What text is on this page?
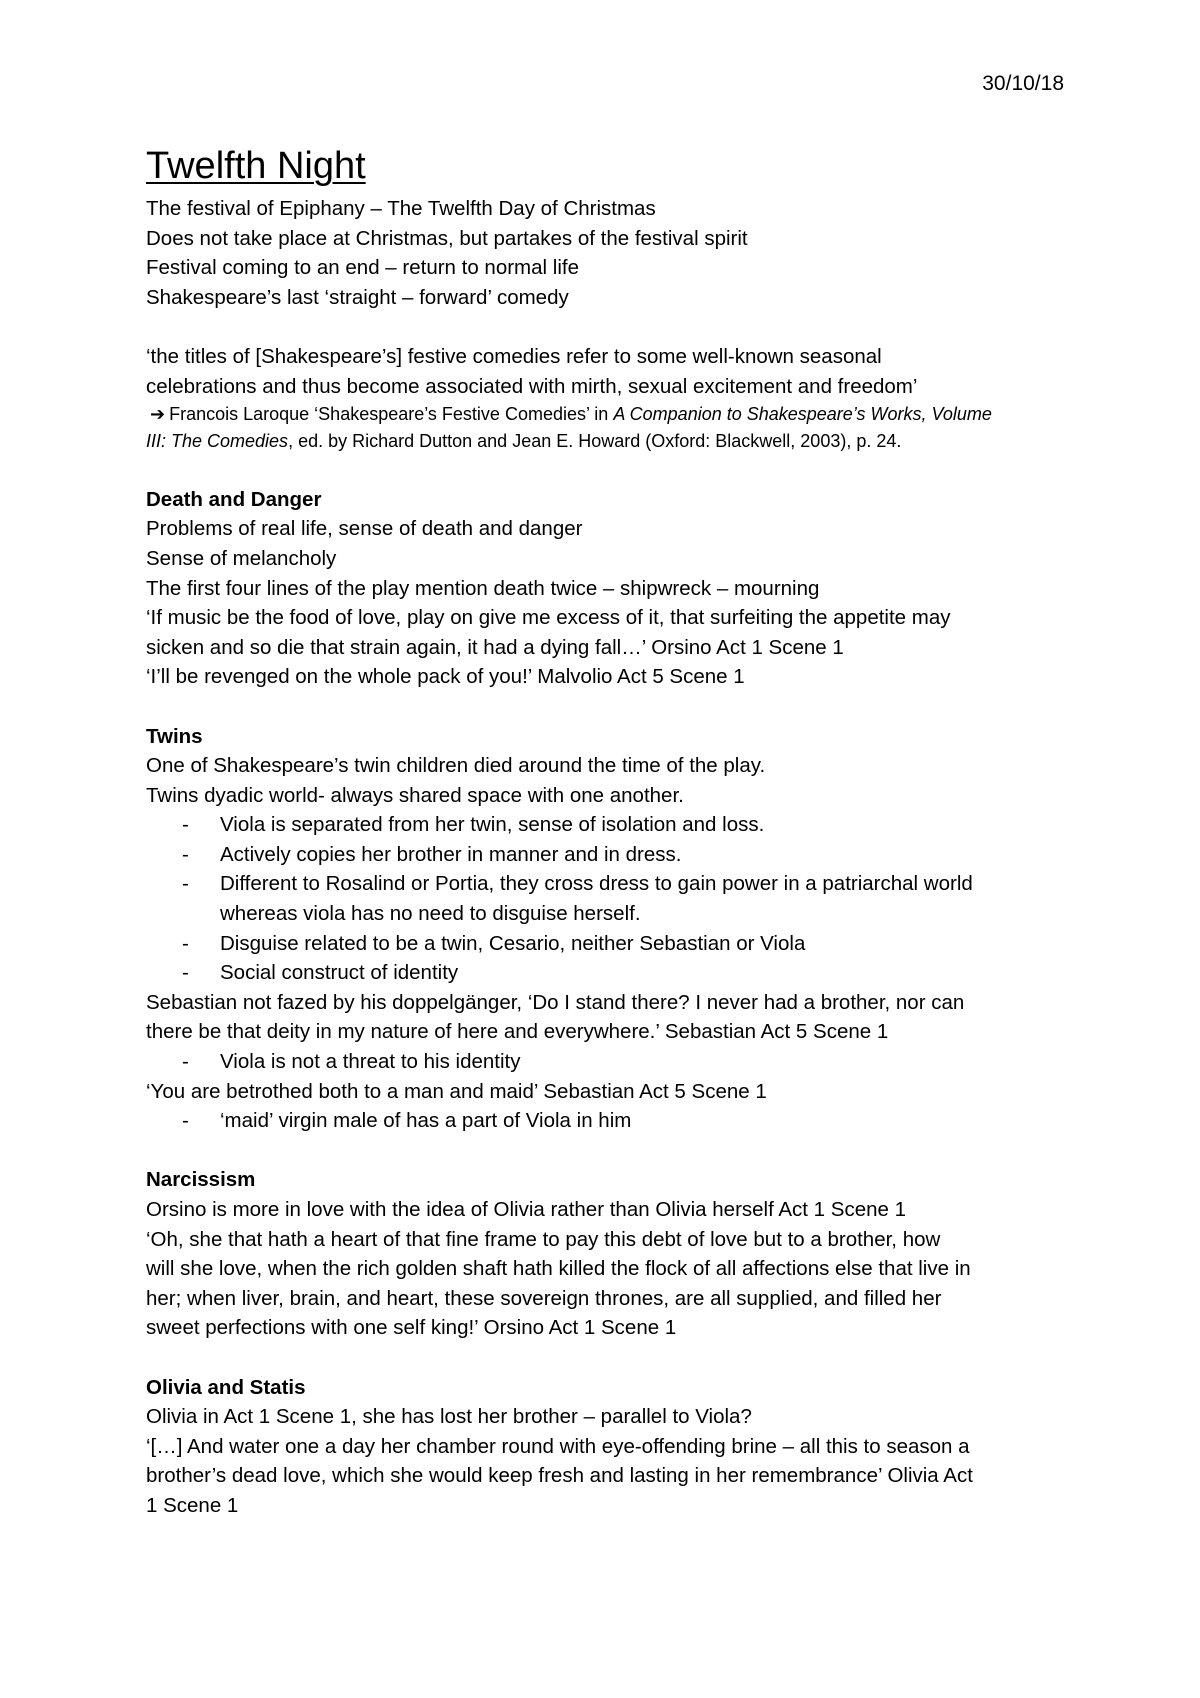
30/10/18
Twelfth Night

The festival of Epiphany – The Twelfth Day of Christmas

Does not take place at Christmas, but partakes of the festival spirit

Festival coming to an end – return to normal life

Shakespeare’s last ‘straight – forward’ comedy

‘the titles of [Shakespeare’s] festive comedies refer to some well-known seasonal

celebrations and thus become associated with mirth, sexual excitement and freedom’

➔ Francois Laroque ‘Shakespeare’s Festive Comedies’ in A Companion to Shakespeare’s Works, Volume

III: The Comedies, ed. by Richard Dutton and Jean E. Howard (Oxford: Blackwell, 2003), p. 24.

Death and Danger

Problems of real life, sense of death and danger

Sense of melancholy

The first four lines of the play mention death twice – shipwreck – mourning

‘If music be the food of love, play on give me excess of it, that surfeiting the appetite may

sicken and so die that strain again, it had a dying fall…’ Orsino Act 1 Scene 1

‘I’ll be revenged on the whole pack of you!’ Malvolio Act 5 Scene 1

Twins

One of Shakespeare’s twin children died around the time of the play.

Twins dyadic world- always shared space with one another.

- Viola is separated from her twin, sense of isolation and loss.
- Actively copies her brother in manner and in dress.
- Different to Rosalind or Portia, they cross dress to gain power in a patriarchal world
whereas viola has no need to disguise herself.
- Disguise related to be a twin, Cesario, neither Sebastian or Viola
- Social construct of identity

Sebastian not fazed by his doppelgänger, ‘Do I stand there? I never had a brother, nor can

there be that deity in my nature of here and everywhere.’ Sebastian Act 5 Scene 1

- Viola is not a threat to his identity

‘You are betrothed both to a man and maid’ Sebastian Act 5 Scene 1

- ‘maid’ virgin male of has a part of Viola in him

Narcissism

Orsino is more in love with the idea of Olivia rather than Olivia herself Act 1 Scene 1

‘Oh, she that hath a heart of that fine frame to pay this debt of love but to a brother, how

will she love, when the rich golden shaft hath killed the flock of all affections else that live in

her; when liver, brain, and heart, these sovereign thrones, are all supplied, and filled her

sweet perfections with one self king!’ Orsino Act 1 Scene 1

Olivia and Statis

Olivia in Act 1 Scene 1, she has lost her brother – parallel to Viola?

‘[…] And water one a day her chamber round with eye-offending brine – all this to season a

brother’s dead love, which she would keep fresh and lasting in her remembrance’ Olivia Act

1 Scene 1
